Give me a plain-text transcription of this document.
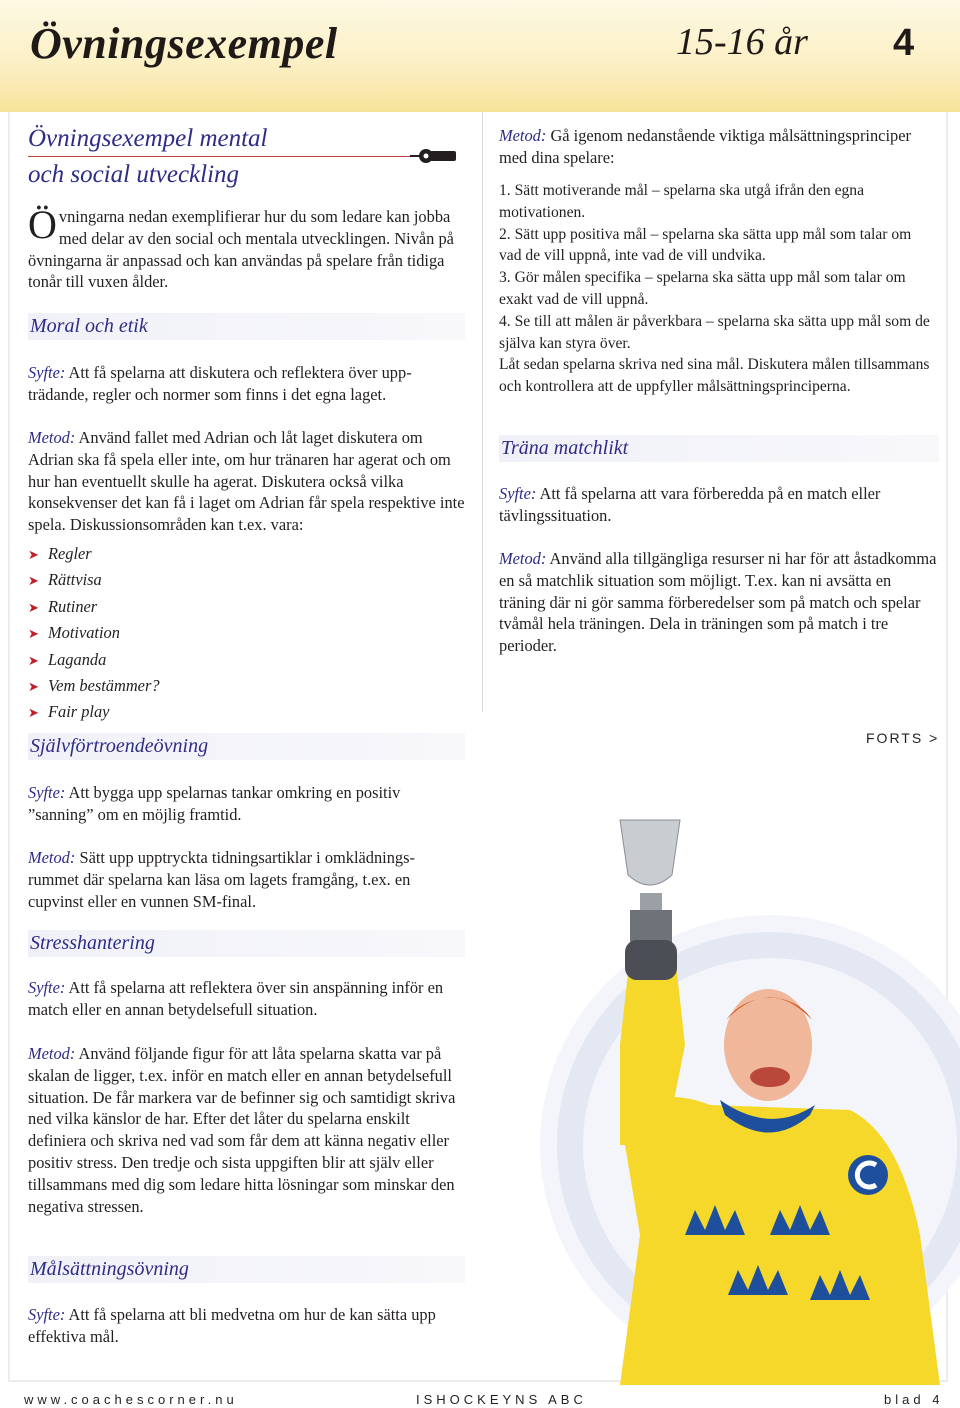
Övningsexempel	15-16 år 4
Övningsexempel mental
och social utveckling
Övningarna nedan exemplifierar hur du som ledare kan jobba med delar av den social och mentala utvecklingen. Nivån på övningarna är anpassad och kan användas på spelare från tidiga tonår till vuxen ålder.
Moral och etik
Syfte: Att få spelarna att diskutera och reflektera över uppträdande, regler och normer som finns i det egna laget.
Metod: Använd fallet med Adrian och låt laget diskutera om Adrian ska få spela eller inte, om hur tränaren har agerat och om hur han eventuellt skulle ha agerat. Diskutera också vilka konsekvenser det kan få i laget om Adrian får spela respektive inte spela. Diskussionsområden kan t.ex. vara:
➤ Regler
➤ Rättvisa
➤ Rutiner
➤ Motivation
➤ Laganda
➤ Vem bestämmer?
➤ Fair play
Självförtroendeövning
Syfte: Att bygga upp spelarnas tankar omkring en positiv ”sanning” om en möjlig framtid.
Metod: Sätt upp upptryckta tidningsartiklar i omklädningsrummet där spelarna kan läsa om lagets framgång, t.ex. en cupvinst eller en vunnen SM-final.
Stresshantering
Syfte: Att få spelarna att reflektera över sin anspänning inför en match eller en annan betydelsefull situation.
Metod: Använd följande figur för att låta spelarna skatta var på skalan de ligger, t.ex. inför en match eller en annan betydelsefull situation. De får markera var de befinner sig och samtidigt skriva ned vilka känslor de har. Efter det låter du spelarna enskilt definiera och skriva ned vad som får dem att känna negativ eller positiv stress. Den tredje och sista uppgiften blir att själv eller tillsammans med dig som ledare hitta lösningar som minskar den negativa stressen.
Målsättningsövning
Syfte: Att få spelarna att bli medvetna om hur de kan sätta upp effektiva mål.
Metod: Gå igenom nedanstående viktiga målsättningsprinciper med dina spelare:
1. Sätt motiverande mål – spelarna ska utgå ifrån den egna motivationen.
2. Sätt upp positiva mål – spelarna ska sätta upp mål som talar om vad de vill uppnå, inte vad de vill undvika.
3. Gör målen specifika – spelarna ska sätta upp mål som talar om exakt vad de vill uppnå.
4. Se till att målen är påverkbara – spelarna ska sätta upp mål som de själva kan styra över.
Låt sedan spelarna skriva ned sina mål. Diskutera målen tillsammans och kontrollera att de uppfyller målsättningsprinciperna.
Träna matchlikt
Syfte: Att få spelarna att vara förberedda på en match eller tävlingssituation.
Metod: Använd alla tillgängliga resurser ni har för att åstadkomma en så matchlik situation som möjligt. T.ex. kan ni avsätta en träning där ni gör samma förberedelser som på match och spelar tvåmål hela träningen. Dela in träningen som på match i tre perioder.
FORTS >
www.coachescorner.nu	ISHOCKEYNS ABC	blad 4
